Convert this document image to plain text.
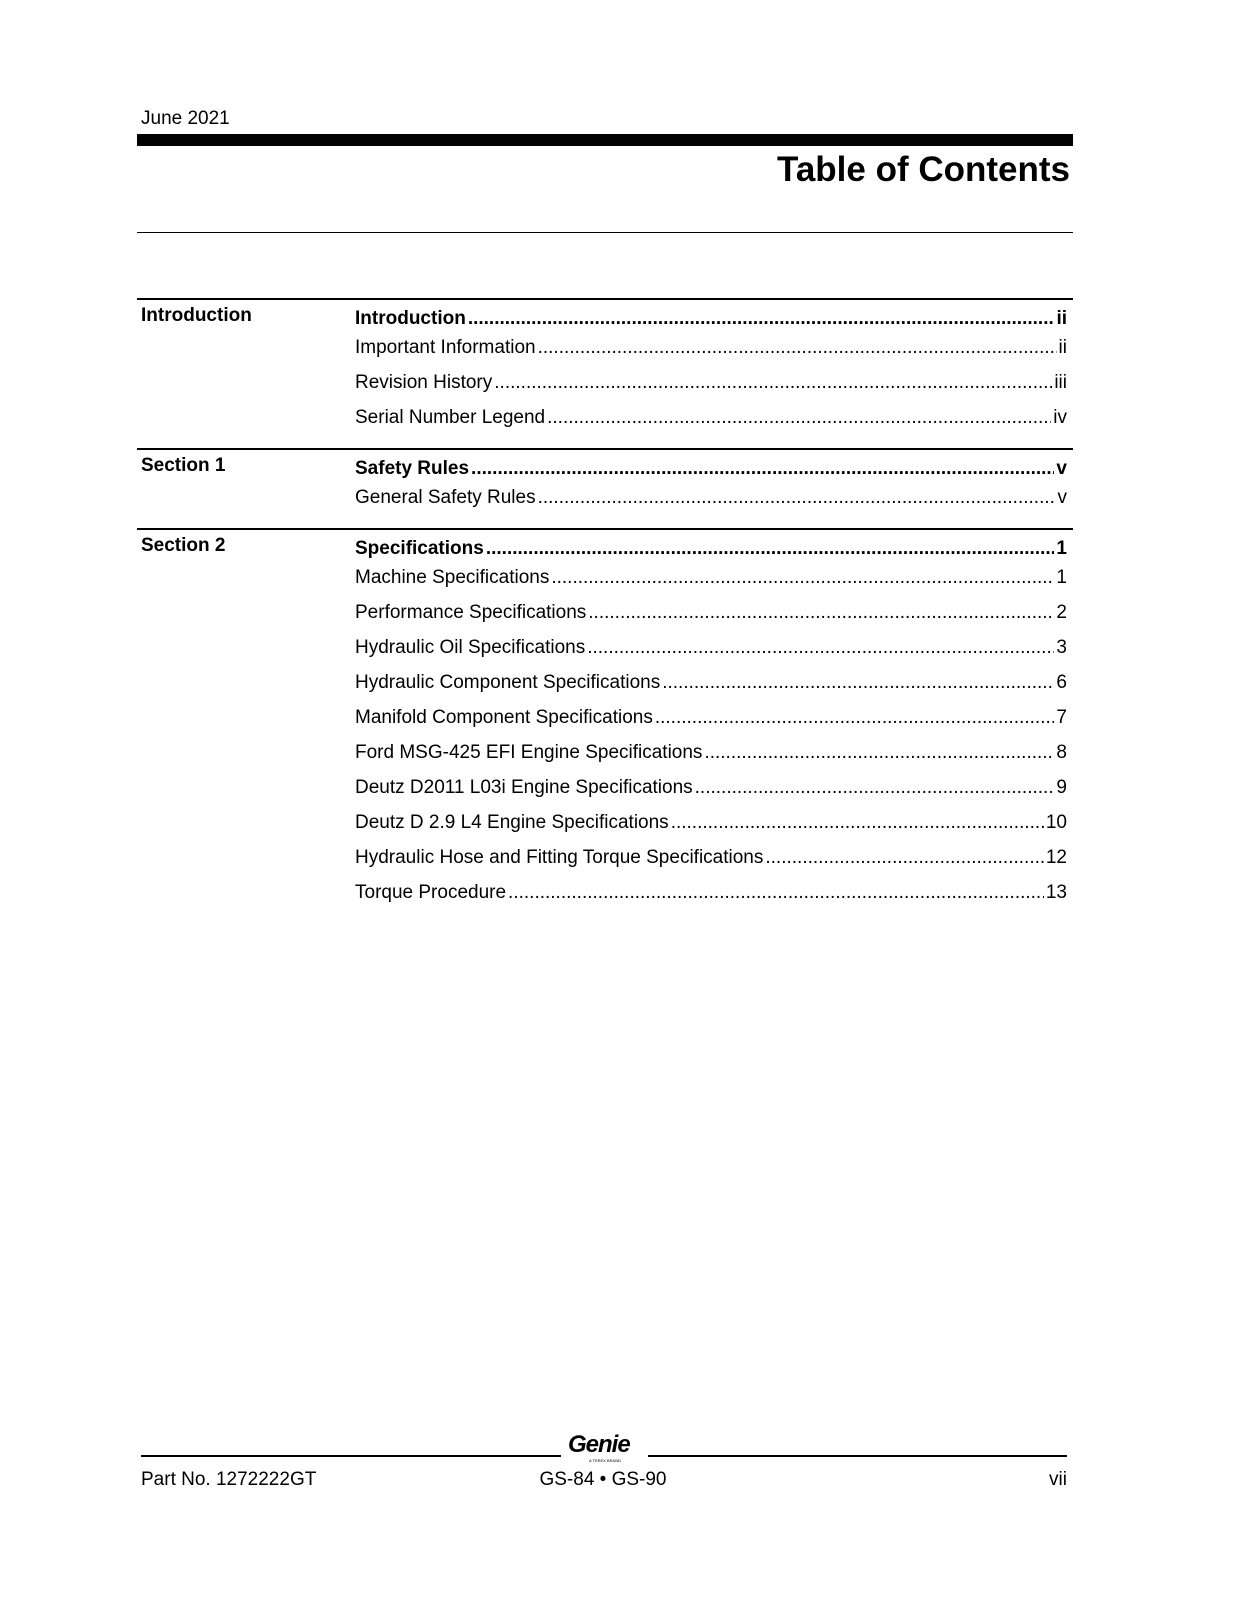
June 2021
Table of Contents
Introduction	Introduction .....	ii
Important Information .....	ii
Revision History .....	iii
Serial Number Legend .....	iv
Section 1	Safety Rules .....	v
General Safety Rules .....	v
Section 2	Specifications .....	1
Machine Specifications .....	1
Performance Specifications .....	2
Hydraulic Oil Specifications .....	3
Hydraulic Component Specifications .....	6
Manifold Component Specifications .....	7
Ford MSG-425 EFI Engine Specifications .....	8
Deutz D2011 L03i Engine Specifications .....	9
Deutz D 2.9 L4 Engine Specifications .....	10
Hydraulic Hose and Fitting Torque Specifications .....	12
Torque Procedure .....	13
Genie
A TEREX BRAND
Part No. 1272222GT	GS-84 • GS-90	vii
